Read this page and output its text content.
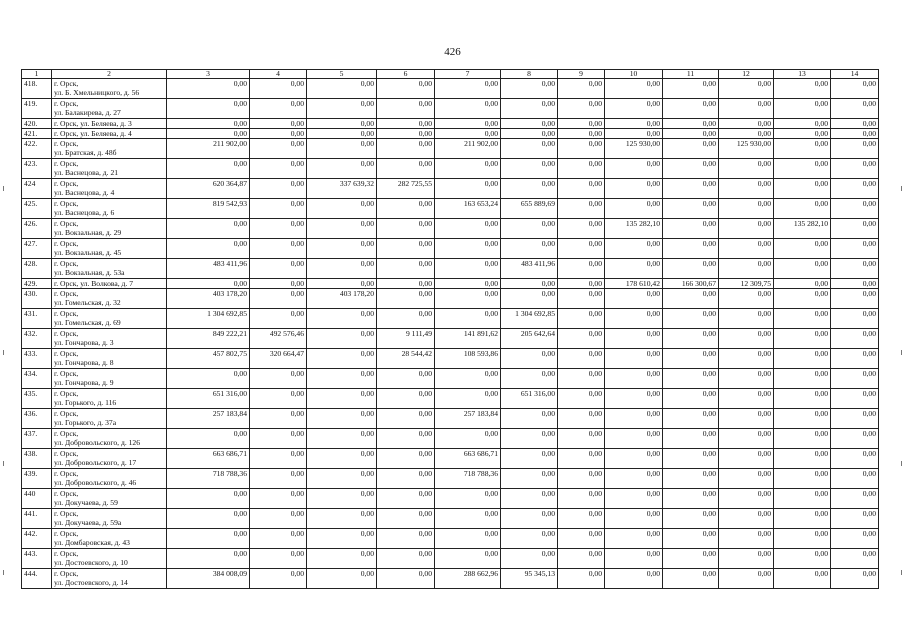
426
1	2	3	4	5	6	7	8	9	10	11	12	13	14
418.	г. Орск,
ул. Б. Хмельницкого, д. 56	0,00	0,00	0,00	0,00	0,00	0,00	0,00	0,00	0,00	0,00	0,00	0,00
419.	г. Орск,
ул. Балакирева, д. 27	0,00	0,00	0,00	0,00	0,00	0,00	0,00	0,00	0,00	0,00	0,00	0,00
420.	г. Орск, ул. Беляева, д. 3	0,00	0,00	0,00	0,00	0,00	0,00	0,00	0,00	0,00	0,00	0,00	0,00
421.	г. Орск, ул. Беляева, д. 4	0,00	0,00	0,00	0,00	0,00	0,00	0,00	0,00	0,00	0,00	0,00	0,00
422.	г. Орск,
ул. Братская, д. 48б	211 902,00	0,00	0,00	0,00	211 902,00	0,00	0,00	125 930,00	0,00	125 930,00	0,00	0,00
423.	г. Орск,
ул. Васнецова, д. 21	0,00	0,00	0,00	0,00	0,00	0,00	0,00	0,00	0,00	0,00	0,00	0,00
424	г. Орск,
ул. Васнецова, д. 4	620 364,87	0,00	337 639,32	282 725,55	0,00	0,00	0,00	0,00	0,00	0,00	0,00	0,00
425.	г. Орск,
ул. Васнецова, д. 6	819 542,93	0,00	0,00	0,00	163 653,24	655 889,69	0,00	0,00	0,00	0,00	0,00	0,00
426.	г. Орск,
ул. Вокзальная, д. 29	0,00	0,00	0,00	0,00	0,00	0,00	0,00	135 282,10	0,00	0,00	135 282,10	0,00
427.	г. Орск,
ул. Вокзальная, д. 45	0,00	0,00	0,00	0,00	0,00	0,00	0,00	0,00	0,00	0,00	0,00	0,00
428.	г. Орск,
ул. Вокзальная, д. 53а	483 411,96	0,00	0,00	0,00	0,00	483 411,96	0,00	0,00	0,00	0,00	0,00	0,00
429.	г. Орск, ул. Волкова, д. 7	0,00	0,00	0,00	0,00	0,00	0,00	0,00	178 610,42	166 300,67	12 309,75	0,00	0,00
430.	г. Орск,
ул. Гомельская, д. 32	403 178,20	0,00	403 178,20	0,00	0,00	0,00	0,00	0,00	0,00	0,00	0,00	0,00
431.	г. Орск,
ул. Гомельская, д. 69	1 304 692,85	0,00	0,00	0,00	0,00	1 304 692,85	0,00	0,00	0,00	0,00	0,00	0,00
432.	г. Орск,
ул. Гончарова, д. 3	849 222,21	492 576,46	0,00	9 111,49	141 891,62	205 642,64	0,00	0,00	0,00	0,00	0,00	0,00
433.	г. Орск,
ул. Гончарова, д. 8	457 802,75	320 664,47	0,00	28 544,42	108 593,86	0,00	0,00	0,00	0,00	0,00	0,00	0,00
434.	г. Орск,
ул. Гончарова, д. 9	0,00	0,00	0,00	0,00	0,00	0,00	0,00	0,00	0,00	0,00	0,00	0,00
435.	г. Орск,
ул. Горького, д. 116	651 316,00	0,00	0,00	0,00	0,00	651 316,00	0,00	0,00	0,00	0,00	0,00	0,00
436.	г. Орск,
ул. Горького, д. 37а	257 183,84	0,00	0,00	0,00	257 183,84	0,00	0,00	0,00	0,00	0,00	0,00	0,00
437.	г. Орск,
ул. Добровольского, д. 126	0,00	0,00	0,00	0,00	0,00	0,00	0,00	0,00	0,00	0,00	0,00	0,00
438.	г. Орск,
ул. Добровольского, д. 17	663 686,71	0,00	0,00	0,00	663 686,71	0,00	0,00	0,00	0,00	0,00	0,00	0,00
439.	г. Орск,
ул. Добровольского, д. 46	718 788,36	0,00	0,00	0,00	718 788,36	0,00	0,00	0,00	0,00	0,00	0,00	0,00
440	г. Орск,
ул. Докучаева, д. 59	0,00	0,00	0,00	0,00	0,00	0,00	0,00	0,00	0,00	0,00	0,00	0,00
441.	г. Орск,
ул. Докучаева, д. 59а	0,00	0,00	0,00	0,00	0,00	0,00	0,00	0,00	0,00	0,00	0,00	0,00
442.	г. Орск,
ул. Домбаровская, д. 43	0,00	0,00	0,00	0,00	0,00	0,00	0,00	0,00	0,00	0,00	0,00	0,00
443.	г. Орск,
ул. Достоевского, д. 10	0,00	0,00	0,00	0,00	0,00	0,00	0,00	0,00	0,00	0,00	0,00	0,00
444.	г. Орск,
ул. Достоевского, д. 14	384 008,09	0,00	0,00	0,00	288 662,96	95 345,13	0,00	0,00	0,00	0,00	0,00	0,00
